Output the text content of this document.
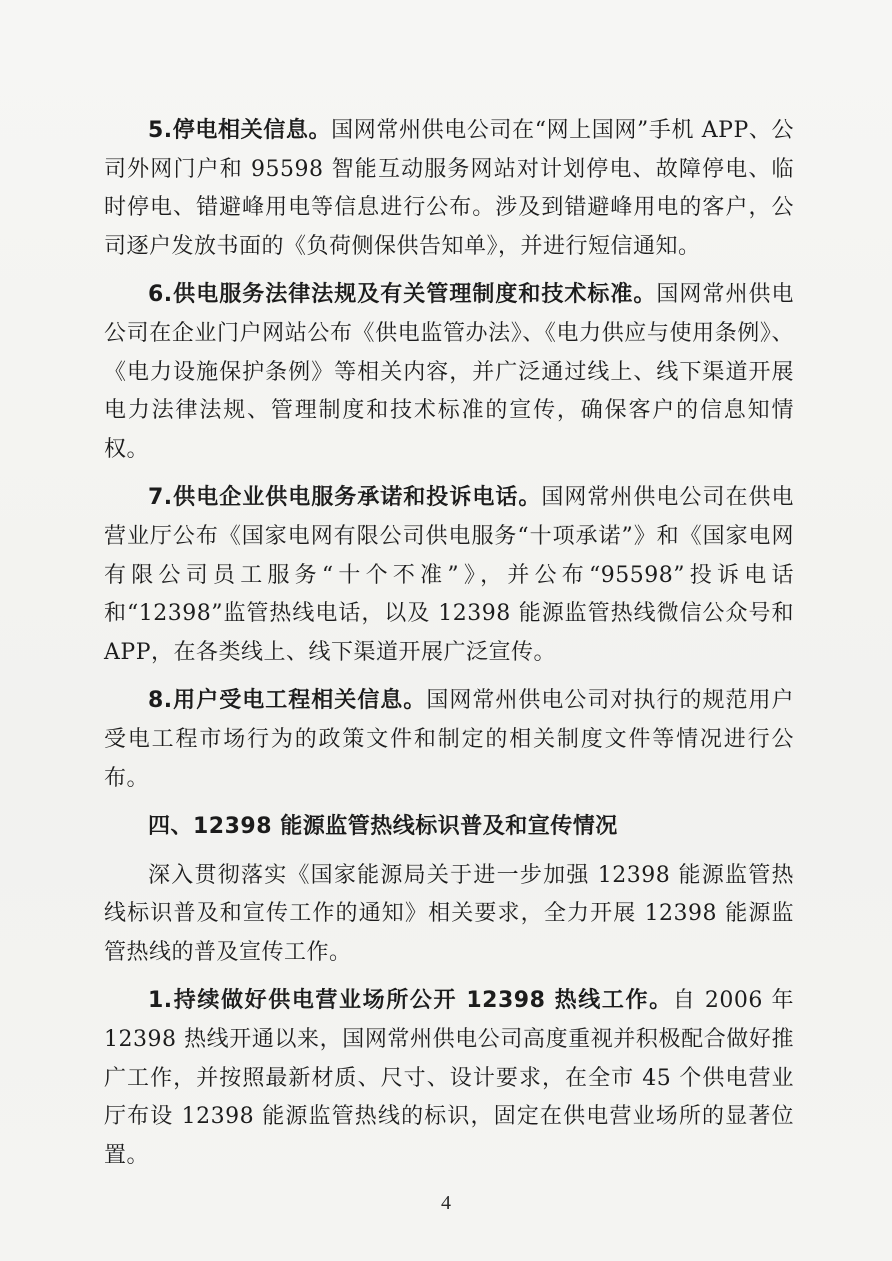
5.停电相关信息。国网常州供电公司在“网上国网”手机 APP、公司外网门户和 95598 智能互动服务网站对计划停电、故障停电、临时停电、错避峰用电等信息进行公布。涉及到错避峰用电的客户，公司逐户发放书面的《负荷侧保供告知单》，并进行短信通知。

6.供电服务法律法规及有关管理制度和技术标准。国网常州供电公司在企业门户网站公布《供电监管办法》、《电力供应与使用条例》、《电力设施保护条例》等相关内容，并广泛通过线上、线下渠道开展电力法律法规、管理制度和技术标准的宣传，确保客户的信息知情权。

7.供电企业供电服务承诺和投诉电话。国网常州供电公司在供电营业厅公布《国家电网有限公司供电服务“十项承诺”》和《国家电网有限公司员工服务“十个不准”》，并公布“95598”投诉电话和“12398”监管热线电话，以及 12398 能源监管热线微信公众号和 APP，在各类线上、线下渠道开展广泛宣传。

8.用户受电工程相关信息。国网常州供电公司对执行的规范用户受电工程市场行为的政策文件和制定的相关制度文件等情况进行公布。

四、12398 能源监管热线标识普及和宣传情况

深入贯彻落实《国家能源局关于进一步加强 12398 能源监管热线标识普及和宣传工作的通知》相关要求，全力开展 12398 能源监管热线的普及宣传工作。

1.持续做好供电营业场所公开 12398 热线工作。自 2006 年 12398 热线开通以来，国网常州供电公司高度重视并积极配合做好推广工作，并按照最新材质、尺寸、设计要求，在全市 45 个供电营业厅布设 12398 能源监管热线的标识，固定在供电营业场所的显著位置。

4
